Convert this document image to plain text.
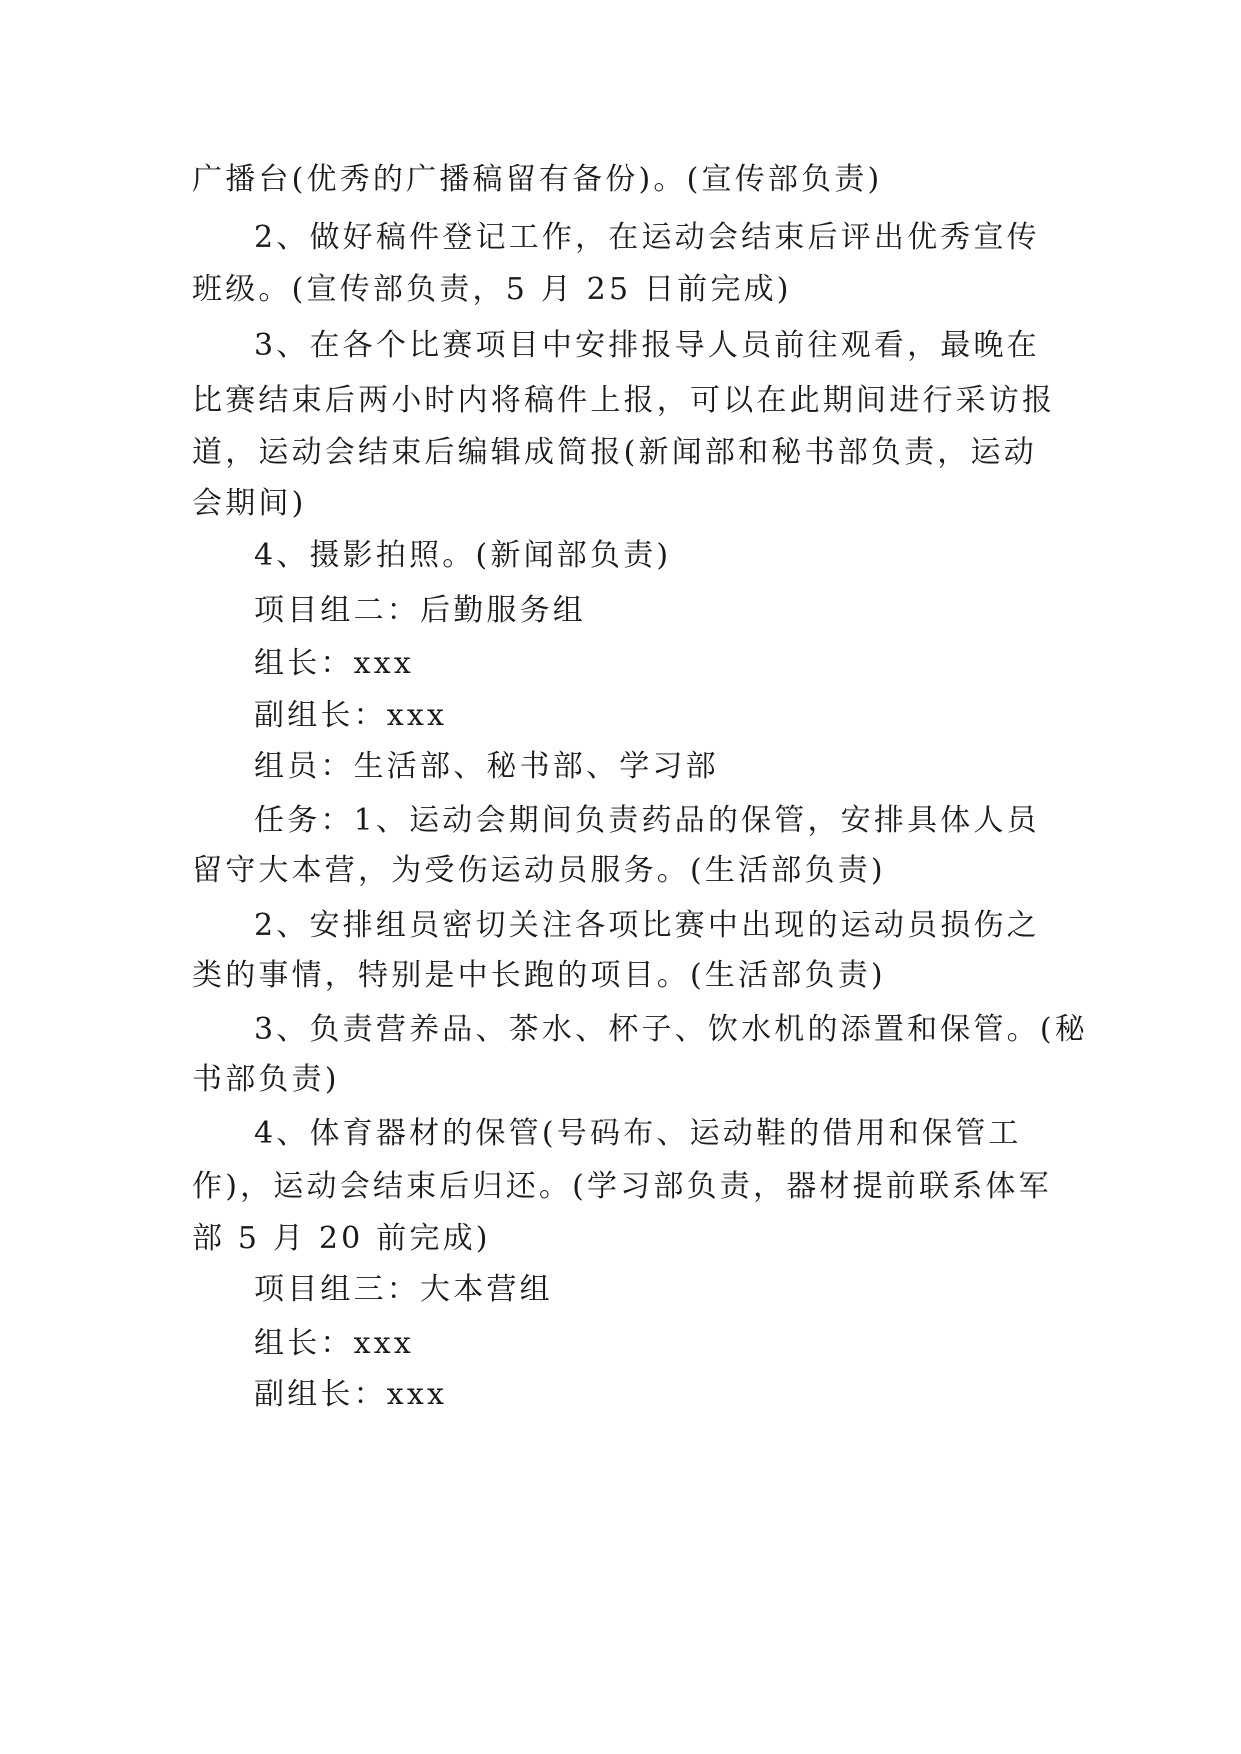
广播台(优秀的广播稿留有备份)。(宣传部负责)
2、做好稿件登记工作，在运动会结束后评出优秀宣传
班级。(宣传部负责，5 月 25 日前完成)
3、在各个比赛项目中安排报导人员前往观看，最晚在
比赛结束后两小时内将稿件上报，可以在此期间进行采访报
道，运动会结束后编辑成简报(新闻部和秘书部负责，运动
会期间)
4、摄影拍照。(新闻部负责)
项目组二：后勤服务组
组长：xxx
副组长：xxx
组员：生活部、秘书部、学习部
任务：1、运动会期间负责药品的保管，安排具体人员
留守大本营，为受伤运动员服务。(生活部负责)
2、安排组员密切关注各项比赛中出现的运动员损伤之
类的事情，特别是中长跑的项目。(生活部负责)
3、负责营养品、茶水、杯子、饮水机的添置和保管。(秘
书部负责)
4、体育器材的保管(号码布、运动鞋的借用和保管工
作)，运动会结束后归还。(学习部负责，器材提前联系体军
部 5 月 20 前完成)
项目组三：大本营组
组长：xxx
副组长：xxx
